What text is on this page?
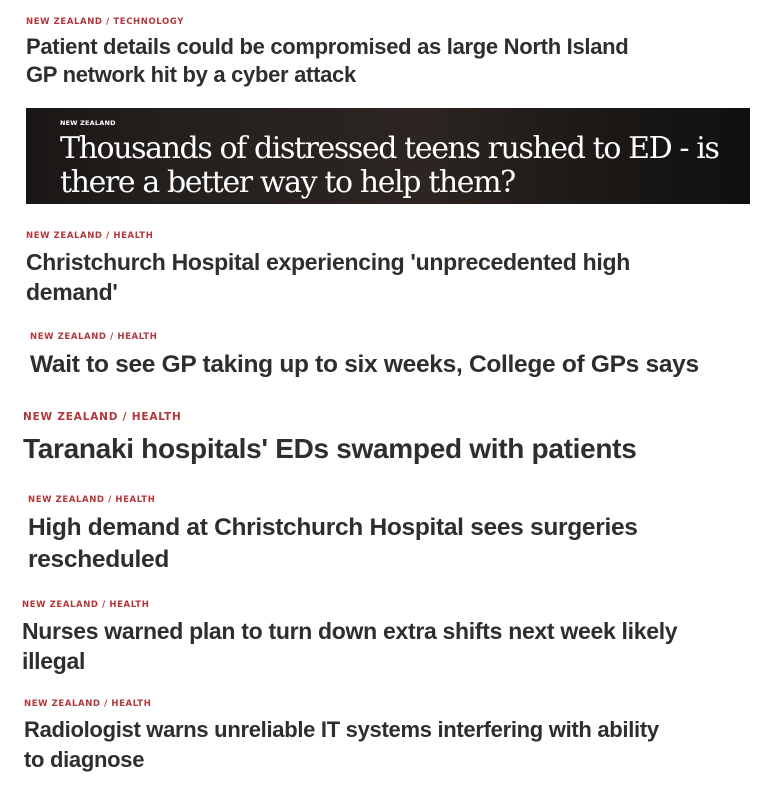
NEW ZEALAND / TECHNOLOGY
Patient details could be compromised as large North Island
GP network hit by a cyber attack
NEW ZEALAND
Thousands of distressed teens rushed to ED - is
there a better way to help them?
NEW ZEALAND / HEALTH
Christchurch Hospital experiencing 'unprecedented high
demand'
NEW ZEALAND / HEALTH
Wait to see GP taking up to six weeks, College of GPs says
NEW ZEALAND / HEALTH
Taranaki hospitals' EDs swamped with patients
NEW ZEALAND / HEALTH
High demand at Christchurch Hospital sees surgeries
rescheduled
NEW ZEALAND / HEALTH
Nurses warned plan to turn down extra shifts next week likely
illegal
NEW ZEALAND / HEALTH
Radiologist warns unreliable IT systems interfering with ability
to diagnose
